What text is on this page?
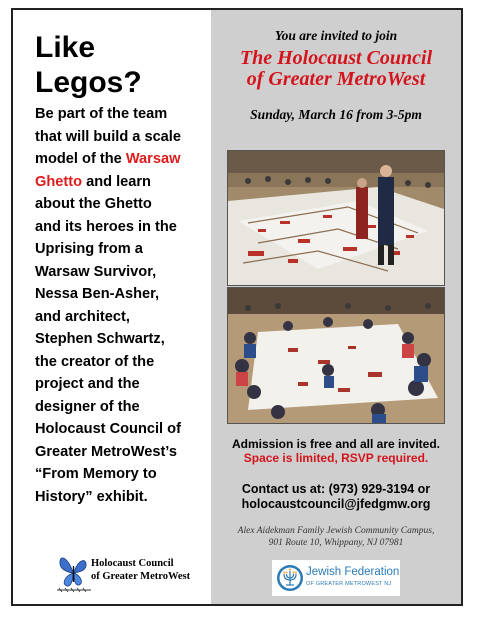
Like
Legos?
Be part of the team
that will build a scale
model of the Warsaw
Ghetto and learn
about the Ghetto
and its heroes in the
Uprising from a
Warsaw Survivor,
Nessa Ben-Asher,
and architect,
Stephen Schwartz,
the creator of the
project and the
designer of the
Holocaust Council of
Greater MetroWest’s
“From Memory to
History” exhibit.
Holocaust Council
of Greater MetroWest
You are invited to join
The Holocaust Council
of Greater MetroWest
Sunday, March 16 from 3-5pm
Admission is free and all are invited.
Space is limited, RSVP required.
Contact us at: (973) 929-3194 or
holocaustcouncil@jfedgmw.org
Alex Aidekman Family Jewish Community Campus,
901 Route 10, Whippany, NJ 07981
Jewish Federation
OF GREATER METROWEST NJ
